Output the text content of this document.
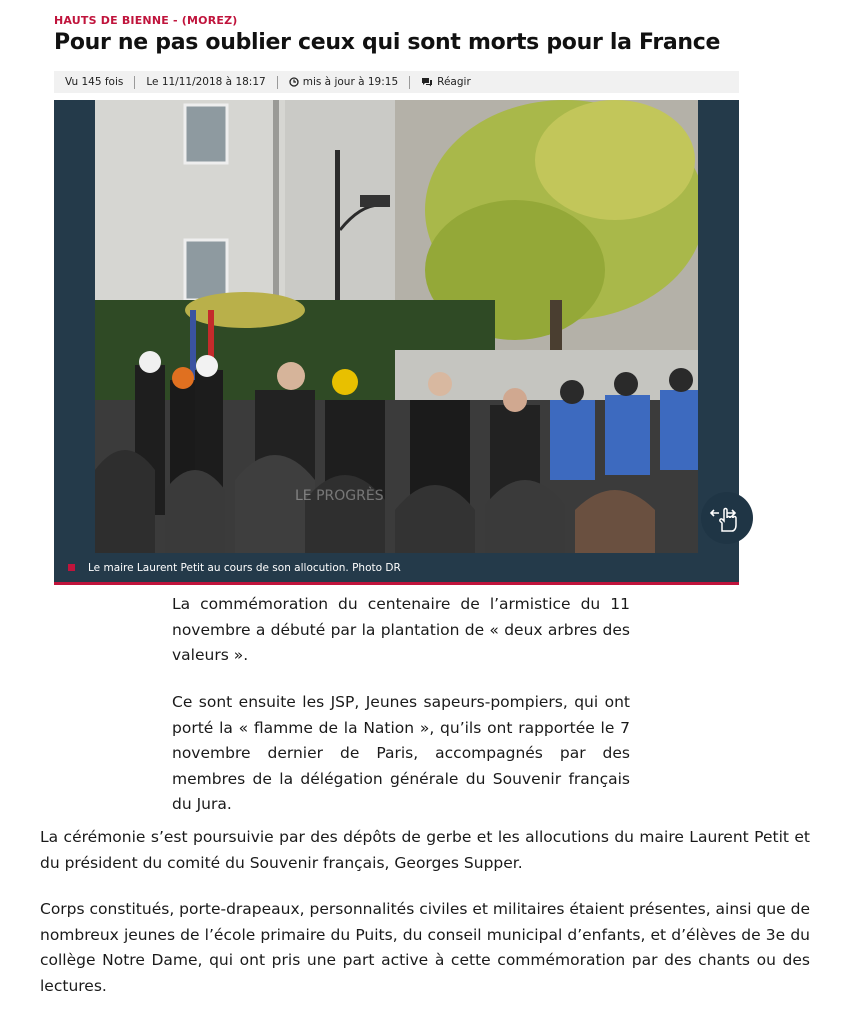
HAUTS DE BIENNE - (MOREZ)
Pour ne pas oublier ceux qui sont morts pour la France
Vu 145 fois Le 11/11/2018 à 18:17	mis à jour à 19:15	Réagir
LE PROGRÈS
Le maire Laurent Petit au cours de son allocution. Photo DR

La commémoration du centenaire de l’armistice du 11 novembre a débuté par la plantation de « deux arbres des valeurs ».

Ce sont ensuite les JSP, Jeunes sapeurs-pompiers, qui ont porté la « flamme de la Nation », qu’ils ont rapportée le 7 novembre dernier de Paris, accompagnés par des membres de la délégation générale du Souvenir français du Jura.

La cérémonie s’est poursuivie par des dépôts de gerbe et les allocutions du maire Laurent Petit et du président du comité du Souvenir français, Georges Supper.

Corps constitués, porte-drapeaux, personnalités civiles et militaires étaient présentes, ainsi que de nombreux jeunes de l’école primaire du Puits, du conseil municipal d’enfants, et d’élèves de 3e du collège Notre Dame, qui ont pris une part active à cette commémoration par des chants ou des lectures.
